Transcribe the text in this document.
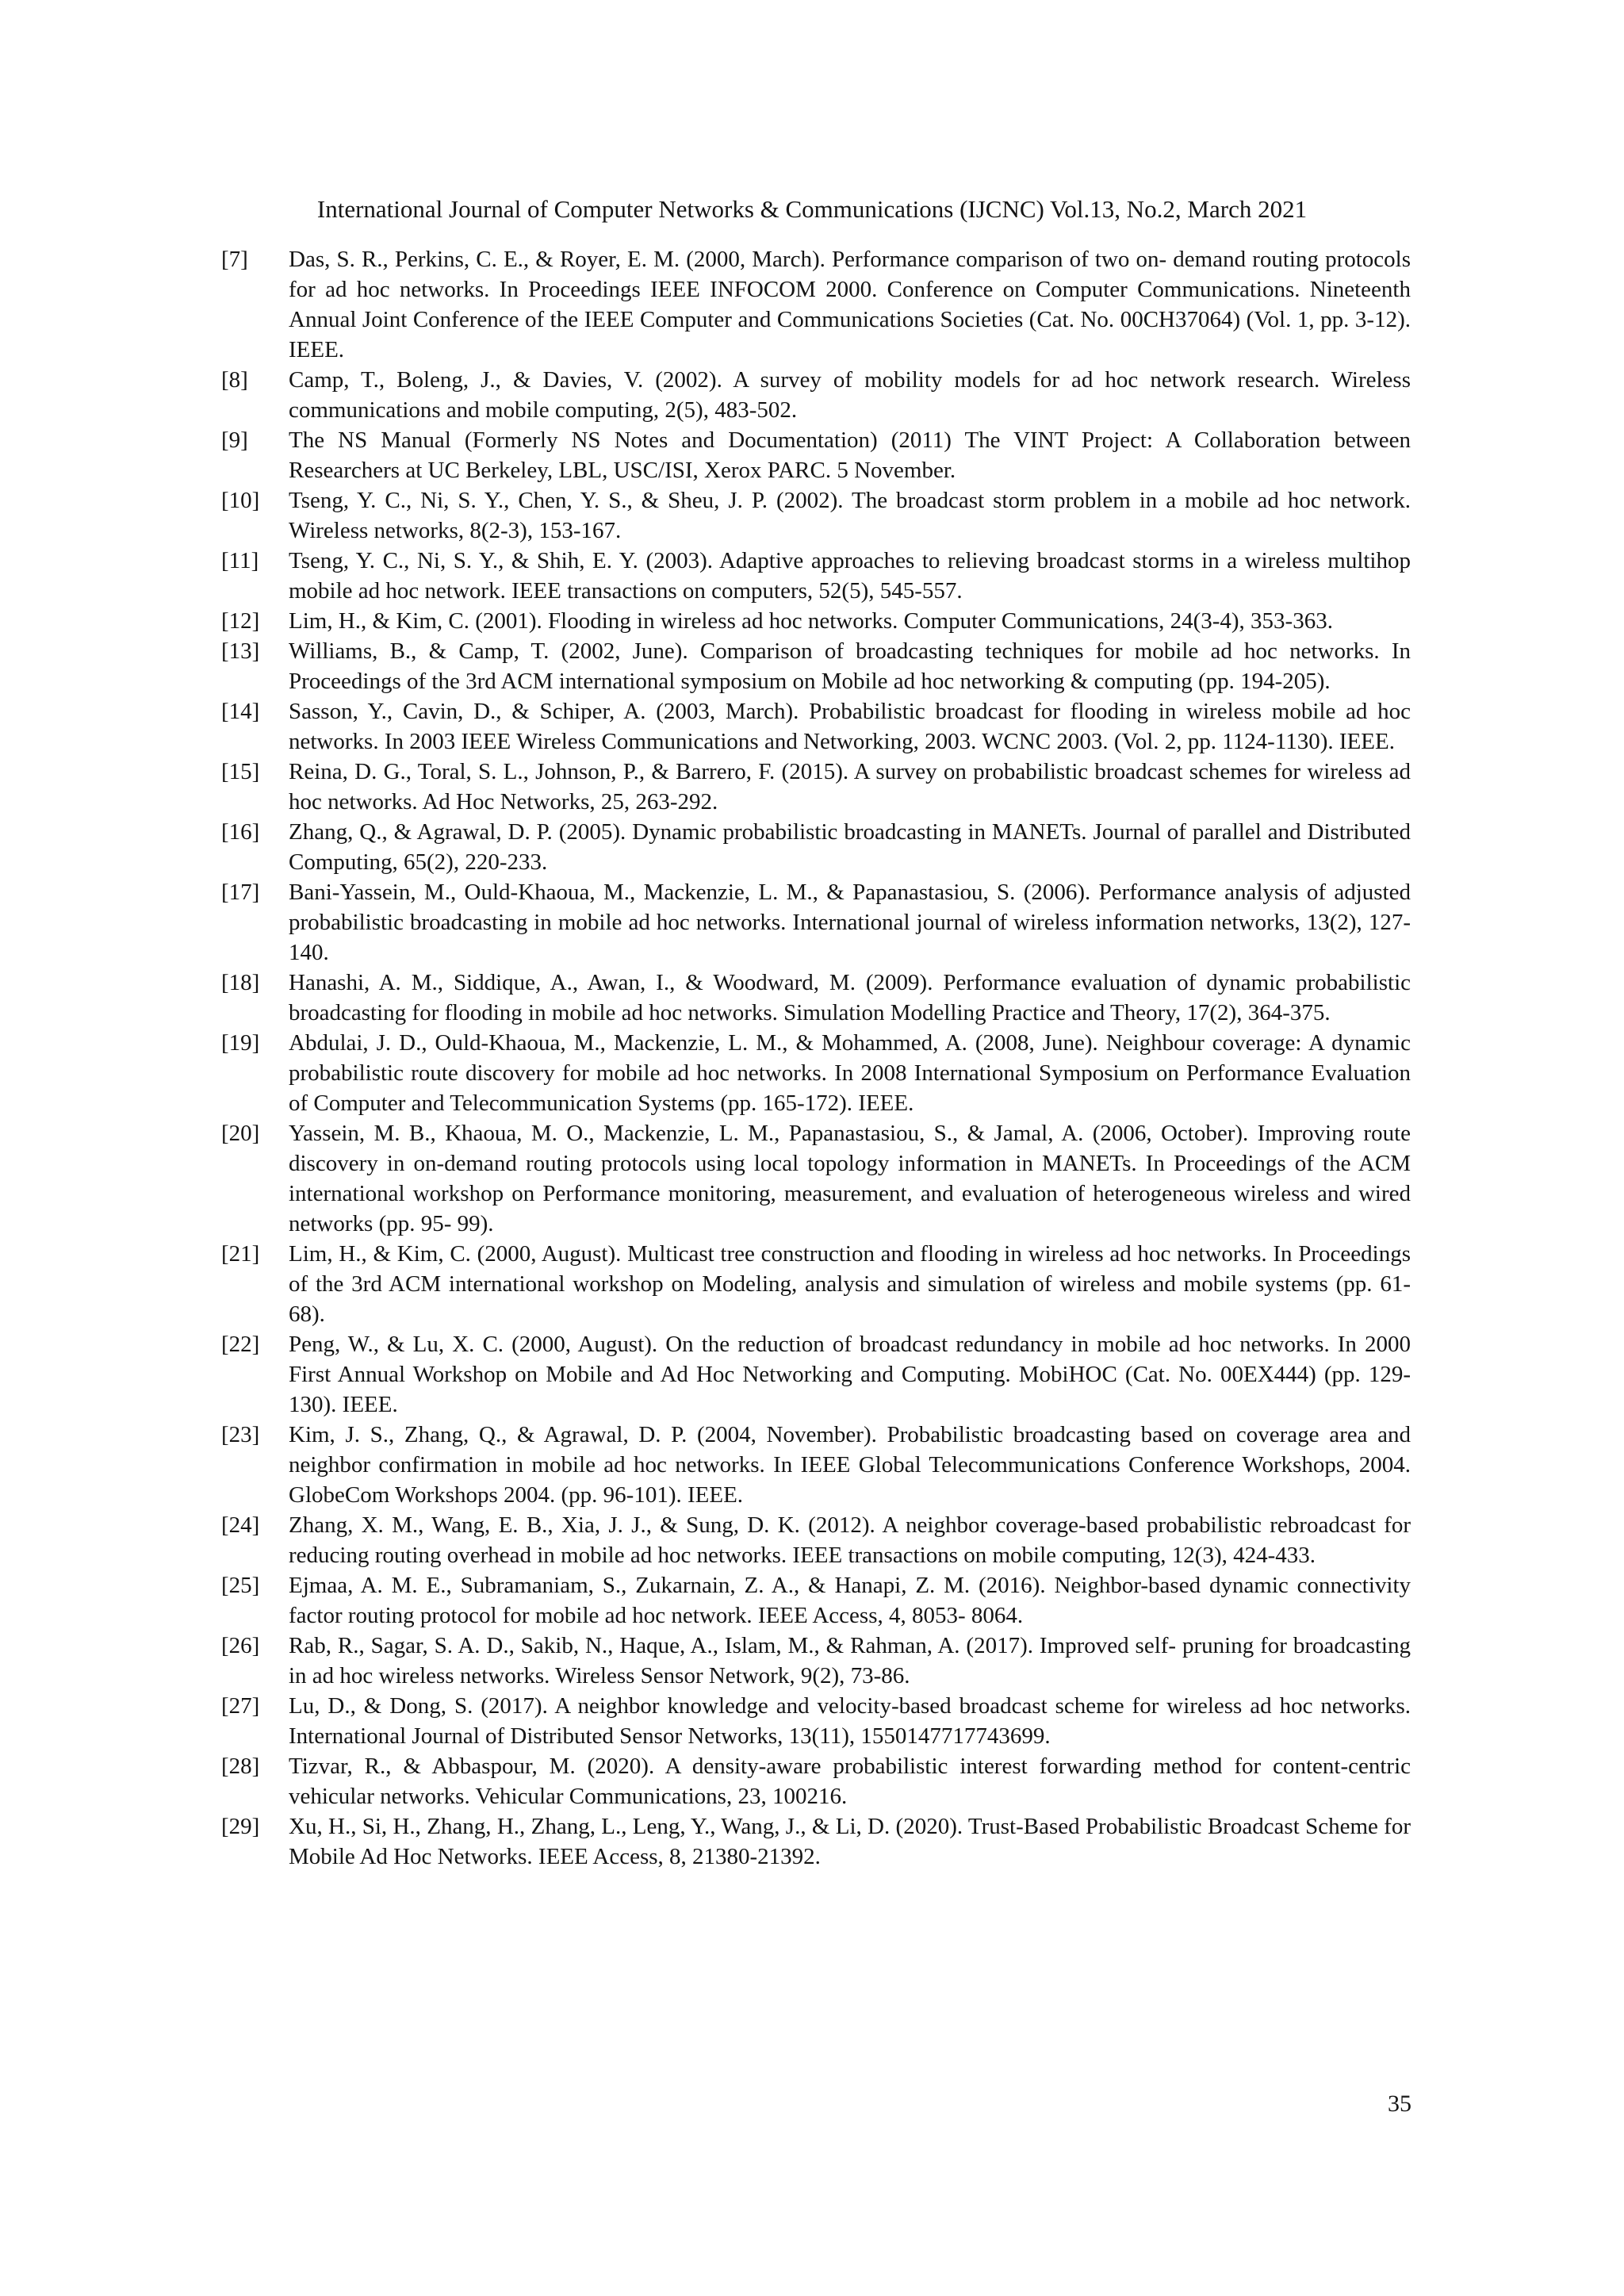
International Journal of Computer Networks & Communications (IJCNC) Vol.13, No.2, March 2021
[7]	Das, S. R., Perkins, C. E., & Royer, E. M. (2000, March). Performance comparison of two on- demand routing protocols for ad hoc networks. In Proceedings IEEE INFOCOM 2000. Conference on Computer Communications. Nineteenth Annual Joint Conference of the IEEE Computer and Communications Societies (Cat. No. 00CH37064) (Vol. 1, pp. 3-12). IEEE.
[8]	Camp, T., Boleng, J., & Davies, V. (2002). A survey of mobility models for ad hoc network research. Wireless communications and mobile computing, 2(5), 483-502.
[9]	The NS Manual (Formerly NS Notes and Documentation) (2011) The VINT Project: A Collaboration between Researchers at UC Berkeley, LBL, USC/ISI, Xerox PARC. 5 November.
[10]	Tseng, Y. C., Ni, S. Y., Chen, Y. S., & Sheu, J. P. (2002). The broadcast storm problem in a mobile ad hoc network. Wireless networks, 8(2-3), 153-167.
[11]	Tseng, Y. C., Ni, S. Y., & Shih, E. Y. (2003). Adaptive approaches to relieving broadcast storms in a wireless multihop mobile ad hoc network. IEEE transactions on computers, 52(5), 545-557.
[12]	Lim, H., & Kim, C. (2001). Flooding in wireless ad hoc networks. Computer Communications, 24(3-4), 353-363.
[13]	Williams, B., & Camp, T. (2002, June). Comparison of broadcasting techniques for mobile ad hoc networks. In Proceedings of the 3rd ACM international symposium on Mobile ad hoc networking & computing (pp. 194-205).
[14]	Sasson, Y., Cavin, D., & Schiper, A. (2003, March). Probabilistic broadcast for flooding in wireless mobile ad hoc networks. In 2003 IEEE Wireless Communications and Networking, 2003. WCNC 2003. (Vol. 2, pp. 1124-1130). IEEE.
[15]	Reina, D. G., Toral, S. L., Johnson, P., & Barrero, F. (2015). A survey on probabilistic broadcast schemes for wireless ad hoc networks. Ad Hoc Networks, 25, 263-292.
[16]	Zhang, Q., & Agrawal, D. P. (2005). Dynamic probabilistic broadcasting in MANETs. Journal of parallel and Distributed Computing, 65(2), 220-233.
[17]	Bani-Yassein, M., Ould-Khaoua, M., Mackenzie, L. M., & Papanastasiou, S. (2006). Performance analysis of adjusted probabilistic broadcasting in mobile ad hoc networks. International journal of wireless information networks, 13(2), 127-140.
[18]	Hanashi, A. M., Siddique, A., Awan, I., & Woodward, M. (2009). Performance evaluation of dynamic probabilistic broadcasting for flooding in mobile ad hoc networks. Simulation Modelling Practice and Theory, 17(2), 364-375.
[19]	Abdulai, J. D., Ould-Khaoua, M., Mackenzie, L. M., & Mohammed, A. (2008, June). Neighbour coverage: A dynamic probabilistic route discovery for mobile ad hoc networks. In 2008 International Symposium on Performance Evaluation of Computer and Telecommunication Systems (pp. 165-172). IEEE.
[20]	Yassein, M. B., Khaoua, M. O., Mackenzie, L. M., Papanastasiou, S., & Jamal, A. (2006, October). Improving route discovery in on-demand routing protocols using local topology information in MANETs. In Proceedings of the ACM international workshop on Performance monitoring, measurement, and evaluation of heterogeneous wireless and wired networks (pp. 95- 99).
[21]	Lim, H., & Kim, C. (2000, August). Multicast tree construction and flooding in wireless ad hoc networks. In Proceedings of the 3rd ACM international workshop on Modeling, analysis and simulation of wireless and mobile systems (pp. 61-68).
[22]	Peng, W., & Lu, X. C. (2000, August). On the reduction of broadcast redundancy in mobile ad hoc networks. In 2000 First Annual Workshop on Mobile and Ad Hoc Networking and Computing. MobiHOC (Cat. No. 00EX444) (pp. 129-130). IEEE.
[23]	Kim, J. S., Zhang, Q., & Agrawal, D. P. (2004, November). Probabilistic broadcasting based on coverage area and neighbor confirmation in mobile ad hoc networks. In IEEE Global Telecommunications Conference Workshops, 2004. GlobeCom Workshops 2004. (pp. 96-101). IEEE.
[24]	Zhang, X. M., Wang, E. B., Xia, J. J., & Sung, D. K. (2012). A neighbor coverage-based probabilistic rebroadcast for reducing routing overhead in mobile ad hoc networks. IEEE transactions on mobile computing, 12(3), 424-433.
[25]	Ejmaa, A. M. E., Subramaniam, S., Zukarnain, Z. A., & Hanapi, Z. M. (2016). Neighbor-based dynamic connectivity factor routing protocol for mobile ad hoc network. IEEE Access, 4, 8053- 8064.
[26]	Rab, R., Sagar, S. A. D., Sakib, N., Haque, A., Islam, M., & Rahman, A. (2017). Improved self- pruning for broadcasting in ad hoc wireless networks. Wireless Sensor Network, 9(2), 73-86.
[27]	Lu, D., & Dong, S. (2017). A neighbor knowledge and velocity-based broadcast scheme for wireless ad hoc networks. International Journal of Distributed Sensor Networks, 13(11), 1550147717743699.
[28]	Tizvar, R., & Abbaspour, M. (2020). A density-aware probabilistic interest forwarding method for content-centric vehicular networks. Vehicular Communications, 23, 100216.
[29]	Xu, H., Si, H., Zhang, H., Zhang, L., Leng, Y., Wang, J., & Li, D. (2020). Trust-Based Probabilistic Broadcast Scheme for Mobile Ad Hoc Networks. IEEE Access, 8, 21380-21392.
35
